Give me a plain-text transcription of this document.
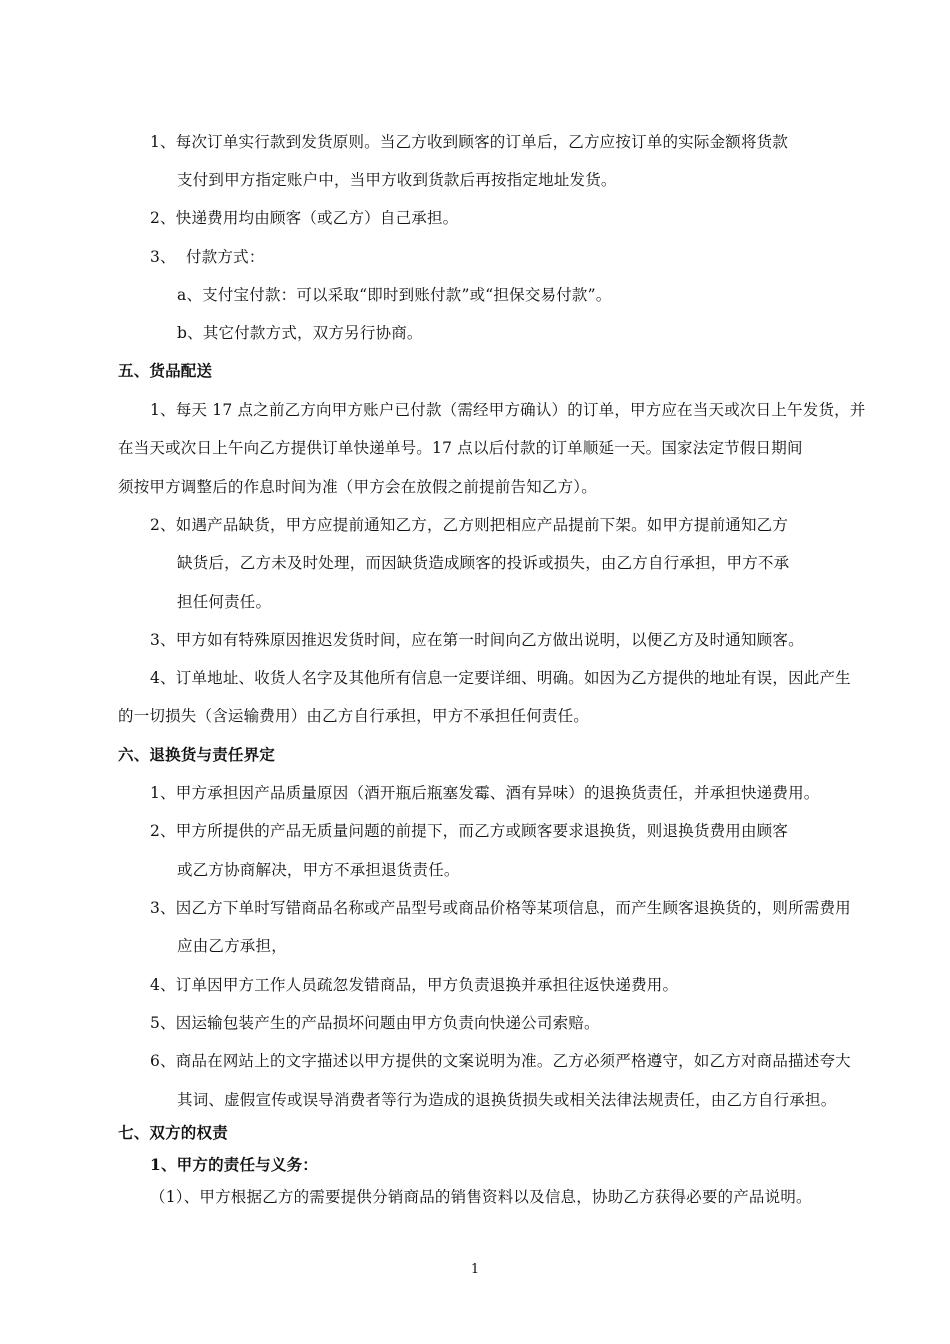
1、每次订单实行款到发货原则。当乙方收到顾客的订单后，乙方应按订单的实际金额将货款
支付到甲方指定账户中，当甲方收到货款后再按指定地址发货。
2、快递费用均由顾客（或乙方）自己承担。
3、  付款方式：
a、支付宝付款：可以采取“即时到账付款”或“担保交易付款”。
b、其它付款方式，双方另行协商。
五、货品配送
1、每天 17 点之前乙方向甲方账户已付款（需经甲方确认）的订单，甲方应在当天或次日上午发货，并
在当天或次日上午向乙方提供订单快递单号。17 点以后付款的订单顺延一天。国家法定节假日期间
须按甲方调整后的作息时间为准（甲方会在放假之前提前告知乙方）。
2、如遇产品缺货，甲方应提前通知乙方，乙方则把相应产品提前下架。如甲方提前通知乙方
缺货后，乙方未及时处理，而因缺货造成顾客的投诉或损失，由乙方自行承担，甲方不承
担任何责任。
3、甲方如有特殊原因推迟发货时间，应在第一时间向乙方做出说明，以便乙方及时通知顾客。
4、订单地址、收货人名字及其他所有信息一定要详细、明确。如因为乙方提供的地址有误，因此产生
的一切损失（含运输费用）由乙方自行承担，甲方不承担任何责任。
六、退换货与责任界定
1、甲方承担因产品质量原因（酒开瓶后瓶塞发霉、酒有异味）的退换货责任，并承担快递费用。
2、甲方所提供的产品无质量问题的前提下，而乙方或顾客要求退换货，则退换货费用由顾客
或乙方协商解决，甲方不承担退货责任。
3、因乙方下单时写错商品名称或产品型号或商品价格等某项信息，而产生顾客退换货的，则所需费用
应由乙方承担，
4、订单因甲方工作人员疏忽发错商品，甲方负责退换并承担往返快递费用。
5、因运输包装产生的产品损坏问题由甲方负责向快递公司索赔。
6、商品在网站上的文字描述以甲方提供的文案说明为准。乙方必须严格遵守，如乙方对商品描述夸大
其词、虚假宣传或误导消费者等行为造成的退换货损失或相关法律法规责任，由乙方自行承担。
七、双方的权责
1、甲方的责任与义务：
（1）、甲方根据乙方的需要提供分销商品的销售资料以及信息，协助乙方获得必要的产品说明。
1
